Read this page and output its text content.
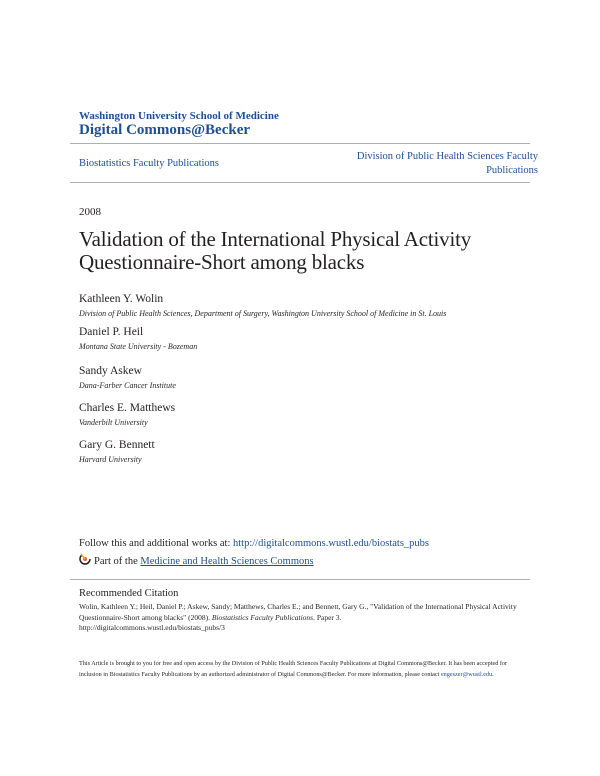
Washington University School of Medicine
Digital Commons@Becker
Biostatistics Faculty Publications
Division of Public Health Sciences Faculty Publications
2008
Validation of the International Physical Activity Questionnaire-Short among blacks
Kathleen Y. Wolin
Division of Public Health Sciences, Department of Surgery, Washington University School of Medicine in St. Louis
Daniel P. Heil
Montana State University - Bozeman
Sandy Askew
Dana-Farber Cancer Institute
Charles E. Matthews
Vanderbilt University
Gary G. Bennett
Harvard University
Follow this and additional works at: http://digitalcommons.wustl.edu/biostats_pubs
Part of the Medicine and Health Sciences Commons
Recommended Citation
Wolin, Kathleen Y.; Heil, Daniel P.; Askew, Sandy; Matthews, Charles E.; and Bennett, Gary G., "Validation of the International Physical Activity Questionnaire-Short among blacks" (2008). Biostatistics Faculty Publications. Paper 3.
http://digitalcommons.wustl.edu/biostats_pubs/3
This Article is brought to you for free and open access by the Division of Public Health Sciences Faculty Publications at Digital Commons@Becker. It has been accepted for inclusion in Biostatistics Faculty Publications by an authorized administrator of Digital Commons@Becker. For more information, please contact engeszer@wustl.edu.
